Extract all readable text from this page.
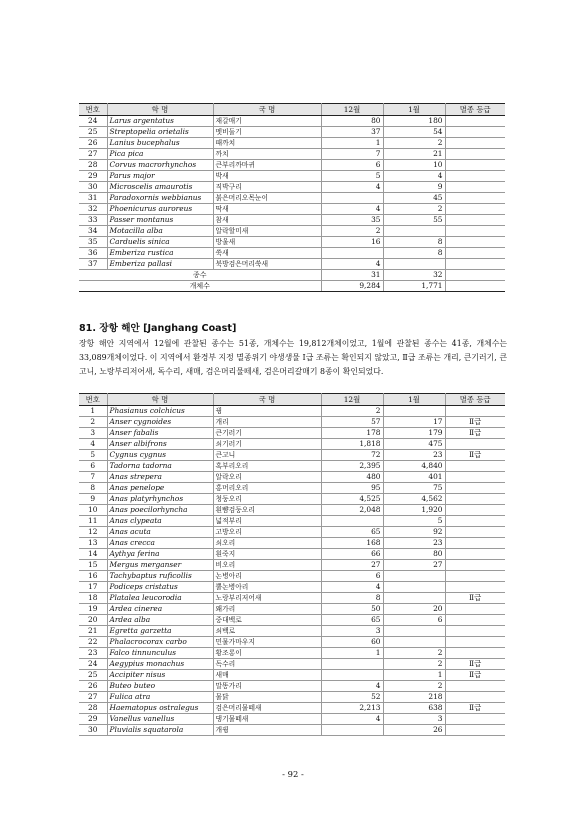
번호	학 명	국 명	12월	1월	멸종 등급
24	Larus argentatus	재갈매기	80	180	
25	Streptopelia orietalis	멧비둘기	37	54	
26	Lanius bucephalus	때까치	1	2	
27	Pica pica	까치	7	21	
28	Corvus macrorhynchos	큰부리까마귀	6	10	
29	Parus major	박새	5	4	
30	Microscelis amaurotis	직박구리	4	9	
31	Paradoxornis webbianus	붉은머리오목눈이		45	
32	Phoenicurus auroreus	딱새	4	2	
33	Passer montanus	참새	35	55	
34	Motacilla alba	알락할미새	2		
35	Carduelis sinica	방울새	16	8	
36	Emberiza rustica	쑥새		8	
37	Emberiza pallasi	북방검은머리쑥새	4		
종수			31	32	
개체수			9,284	1,771	
81. 장항 해안 [Janghang Coast]

장항 해안 지역에서 12월에 관찰된 종수는 51종, 개체수는 19,812개체이었고, 1월에 관찰된 종수는 41종, 개체수는 33,089개체이었다. 이 지역에서 환경부 지정 멸종위기 야생생물 Ⅰ급 조류는 확인되지 않았고, Ⅱ급 조류는 개리, 큰기러기, 큰고니, 노랑부리저어새, 독수리, 새매, 검은머리물떼새, 검은머리갈매기 8종이 확인되었다.

번호	학 명	국 명	12월	1월	멸종 등급
1	Phasianus colchicus	꿩	2		
2	Anser cygnoides	개리	57	17	Ⅱ급
3	Anser fabalis	큰기러기	178	179	Ⅱ급
4	Anser albifrons	쇠기러기	1,818	475	
5	Cygnus cygnus	큰고니	72	23	Ⅱ급
6	Tadorna tadorna	혹부리오리	2,395	4,840	
7	Anas strepera	알락오리	480	401	
8	Anas penelope	홍머리오리	95	75	
9	Anas platyrhynchos	청둥오리	4,525	4,562	
10	Anas poecilorhyncha	흰뺨검둥오리	2,048	1,920	
11	Anas clypeata	넓적부리		5	
12	Anas acuta	고방오리	65	92	
13	Anas crecca	쇠오리	168	23	
14	Aythya ferina	흰죽지	66	80	
15	Mergus merganser	비오리	27	27	
16	Tachybaptus ruficollis	논병아리	6		
17	Podiceps cristatus	뿔논병아리	4		
18	Platalea leucorodia	노랑부리저어새	8		Ⅱ급
19	Ardea cinerea	왜가리	50	20	
20	Ardea alba	중대백로	65	6	
21	Egretta garzetta	쇠백로	3		
22	Phalacrocorax carbo	민물가마우지	60		
23	Falco tinnunculus	황조롱이	1	2	
24	Aegypius monachus	독수리		2	Ⅱ급
25	Accipiter nisus	새매		1	Ⅱ급
26	Buteo buteo	말똥가리	4	2	
27	Fulica atra	물닭	52	218	
28	Haematopus ostralegus	검은머리물떼새	2,213	638	Ⅱ급
29	Vanellus vanellus	댕기물떼새	4	3	
30	Pluvialis squatarola	개꿩		26	

- 92 -
